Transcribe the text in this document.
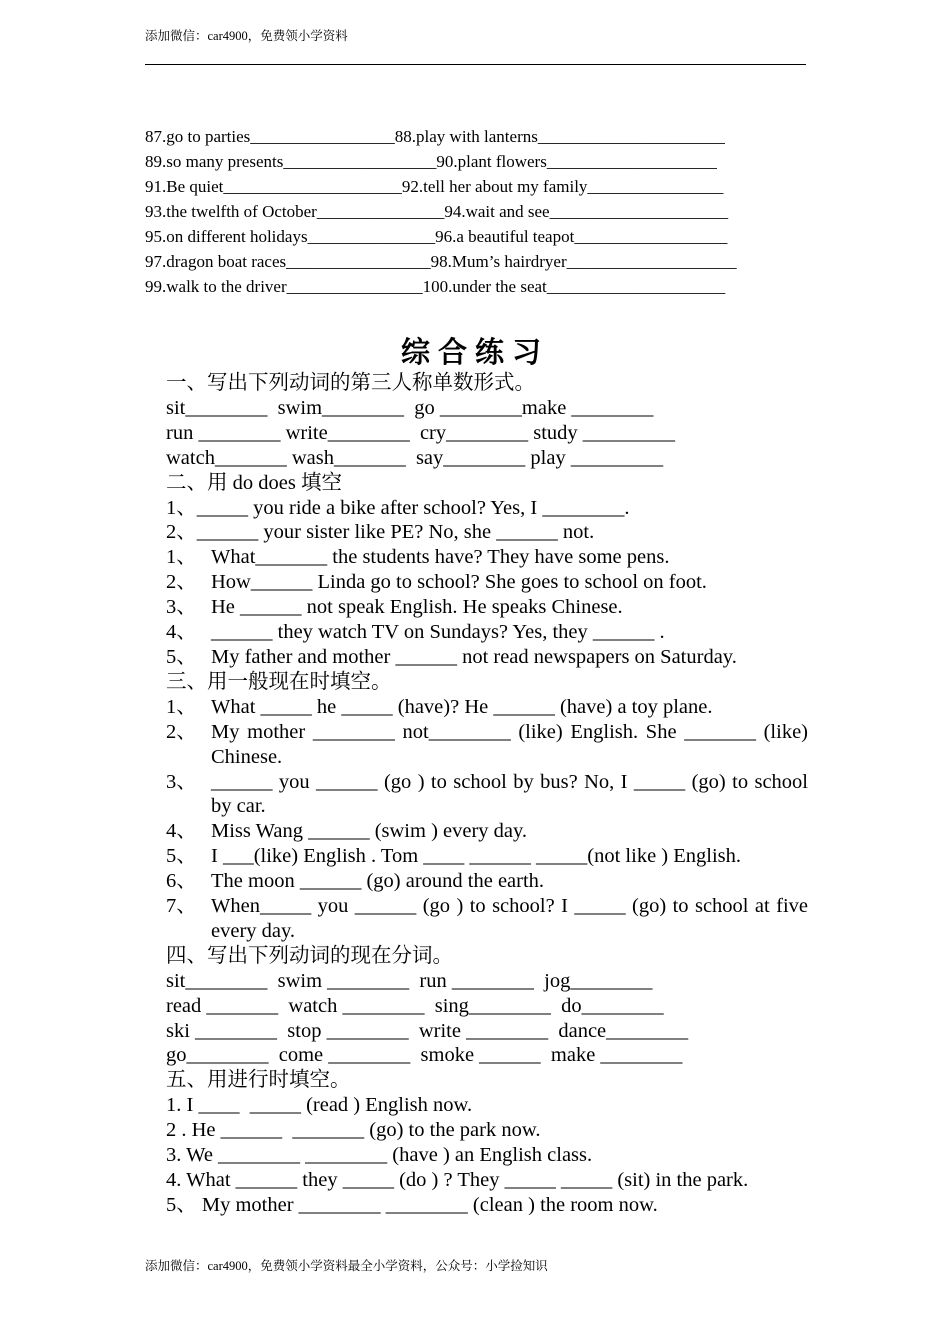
添加微信：car4900，免费领小学资料
87.go to parties_________________88.play with lanterns______________________
89.so many presents__________________90.plant flowers____________________
91.Be quiet_____________________92.tell her about my family________________
93.the twelfth of October_______________94.wait and see_____________________
95.on different holidays_______________96.a beautiful teapot__________________
97.dragon boat races_________________98.Mum’s hairdryer____________________
99.walk to the driver________________100.under the seat_____________________
综合练习
一、写出下列动词的第三人称单数形式。
sit________  swim________  go ________make ________
run ________ write________  cry________ study _________
watch_______ wash_______  say________ play _________
二、用 do does 填空
1、_____ you ride a bike after school? Yes, I ________.
2、______ your sister like PE? No, she ______ not.
1、 What_______ the students have? They have some pens.
2、 How______ Linda go to school? She goes to school on foot.
3、 He ______ not speak English. He speaks Chinese.
4、 ______ they watch TV on Sundays? Yes, they ______ .
5、 My father and mother ______ not read newspapers on Saturday.
三、用一般现在时填空。
1、 What _____ he _____ (have)? He ______ (have) a toy plane.
2、 My mother ________ not________ (like) English. She _______ (like) Chinese.
3、 ______ you ______ (go ) to school by bus? No, I _____ (go) to school by car.
4、 Miss Wang ______ (swim ) every day.
5、 I ___(like) English . Tom ____ ______ _____(not like ) English.
6、 The moon ______ (go) around the earth.
7、 When_____ you ______ (go ) to school? I _____ (go) to school at five every day.
四、写出下列动词的现在分词。
sit________  swim ________  run ________  jog________
read _______  watch ________  sing________  do________
ski ________  stop ________  write ________  dance________
go________  come ________  smoke ______  make ________
五、用进行时填空。
1. I ____  _____ (read ) English now.
2 . He ______  _______ (go) to the park now.
3. We ________ ________ (have ) an English class.
4. What ______ they _____ (do ) ? They _____ _____ (sit) in the park.
5、 My mother ________ ________ (clean ) the room now.
添加微信：car4900，免费领小学资料最全小学资料，公众号：小学捡知识
